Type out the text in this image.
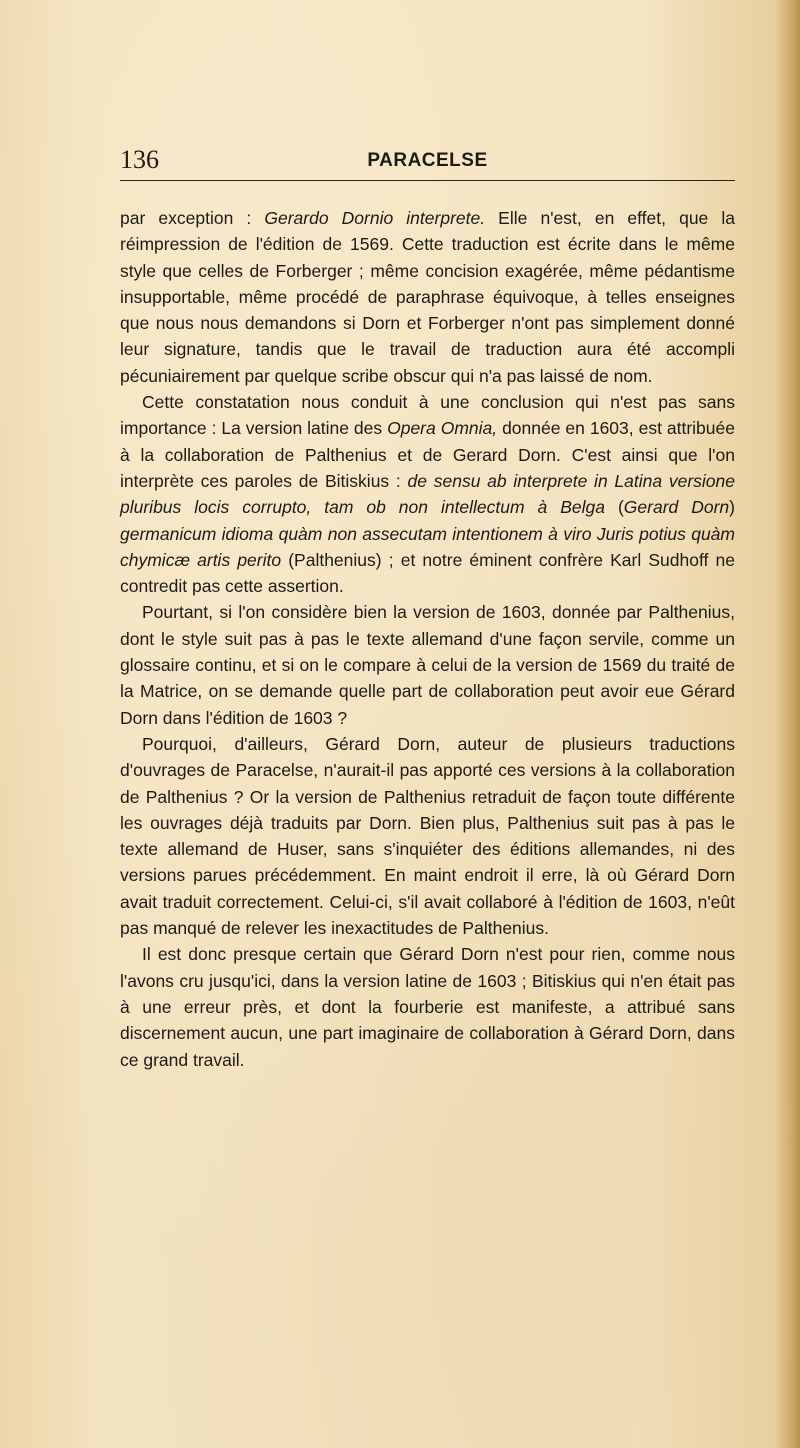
136	PARACELSE

par exception : Gerardo Dornio interprete. Elle n'est, en effet, que la réimpression de l'édition de 1569. Cette traduction est écrite dans le même style que celles de Forberger ; même concision exagérée, même pédantisme insupportable, même procédé de paraphrase équivoque, à telles enseignes que nous nous demandons si Dorn et Forberger n'ont pas simplement donné leur signature, tandis que le travail de traduction aura été accompli pécuniairement par quelque scribe obscur qui n'a pas laissé de nom.

Cette constatation nous conduit à une conclusion qui n'est pas sans importance : La version latine des Opera Omnia, donnée en 1603, est attribuée à la collaboration de Palthenius et de Gerard Dorn. C'est ainsi que l'on interprète ces paroles de Bitiskius : de sensu ab interprete in Latina versione pluribus locis corrupto, tam ob non intellectum à Belga (Gerard Dorn) germanicum idioma quàm non assecutam intentionem à viro Juris potius quàm chymicæ artis perito (Palthenius) ; et notre éminent confrère Karl Sudhoff ne contredit pas cette assertion.

Pourtant, si l'on considère bien la version de 1603, donnée par Palthenius, dont le style suit pas à pas le texte allemand d'une façon servile, comme un glossaire continu, et si on le compare à celui de la version de 1569 du traité de la Matrice, on se demande quelle part de collaboration peut avoir eue Gérard Dorn dans l'édition de 1603 ?

Pourquoi, d'ailleurs, Gérard Dorn, auteur de plusieurs traductions d'ouvrages de Paracelse, n'aurait-il pas apporté ces versions à la collaboration de Palthenius ? Or la version de Palthenius retraduit de façon toute différente les ouvrages déjà traduits par Dorn. Bien plus, Palthenius suit pas à pas le texte allemand de Huser, sans s'inquiéter des éditions allemandes, ni des versions parues précédemment. En maint endroit il erre, là où Gérard Dorn avait traduit correctement. Celui-ci, s'il avait collaboré à l'édition de 1603, n'eût pas manqué de relever les inexactitudes de Palthenius.

Il est donc presque certain que Gérard Dorn n'est pour rien, comme nous l'avons cru jusqu'ici, dans la version latine de 1603 ; Bitiskius qui n'en était pas à une erreur près, et dont la fourberie est manifeste, a attribué sans discernement aucun, une part imaginaire de collaboration à Gérard Dorn, dans ce grand travail.
